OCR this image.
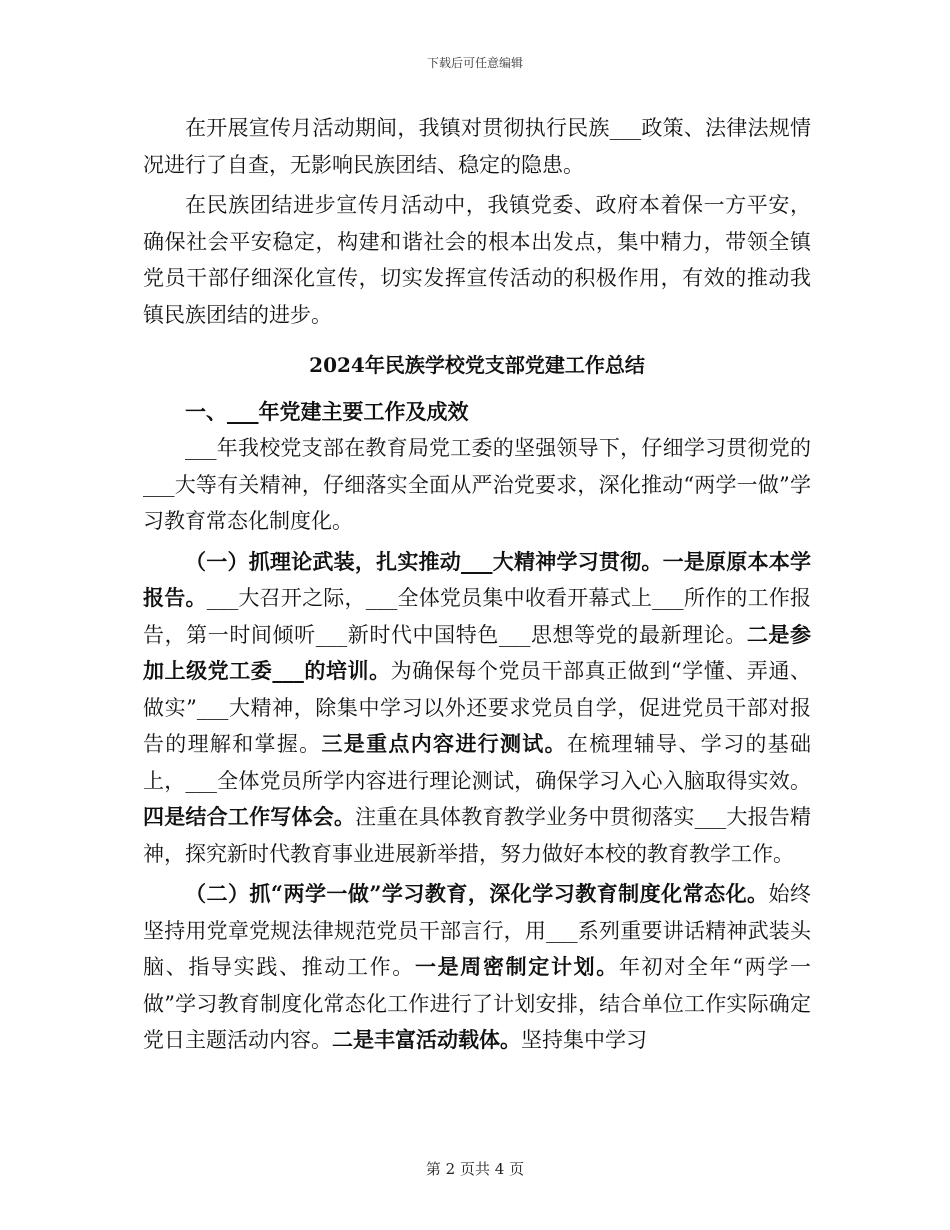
下载后可任意编辑

在开展宣传月活动期间，我镇对贯彻执行民族___政策、法律法规情况进行了自查，无影响民族团结、稳定的隐患。

在民族团结进步宣传月活动中，我镇党委、政府本着保一方平安，确保社会平安稳定，构建和谐社会的根本出发点，集中精力，带领全镇党员干部仔细深化宣传，切实发挥宣传活动的积极作用，有效的推动我镇民族团结的进步。

2024年民族学校党支部党建工作总结

一、___年党建主要工作及成效

___年我校党支部在教育局党工委的坚强领导下，仔细学习贯彻党的___大等有关精神，仔细落实全面从严治党要求，深化推动“两学一做”学习教育常态化制度化。

（一）抓理论武装，扎实推动___大精神学习贯彻。一是原原本本学报告。___大召开之际，___全体党员集中收看开幕式上___所作的工作报告，第一时间倾听___新时代中国特色___思想等党的最新理论。二是参加上级党工委___的培训。为确保每个党员干部真正做到“学懂、弄通、做实”___大精神，除集中学习以外还要求党员自学，促进党员干部对报告的理解和掌握。三是重点内容进行测试。在梳理辅导、学习的基础上，___全体党员所学内容进行理论测试，确保学习入心入脑取得实效。四是结合工作写体会。注重在具体教育教学业务中贯彻落实___大报告精神，探究新时代教育事业进展新举措，努力做好本校的教育教学工作。

（二）抓“两学一做”学习教育，深化学习教育制度化常态化。始终坚持用党章党规法律规范党员干部言行，用___系列重要讲话精神武装头脑、指导实践、推动工作。一是周密制定计划。年初对全年“两学一做”学习教育制度化常态化工作进行了计划安排，结合单位工作实际确定党日主题活动内容。二是丰富活动载体。坚持集中学习

第 2 页共 4 页
